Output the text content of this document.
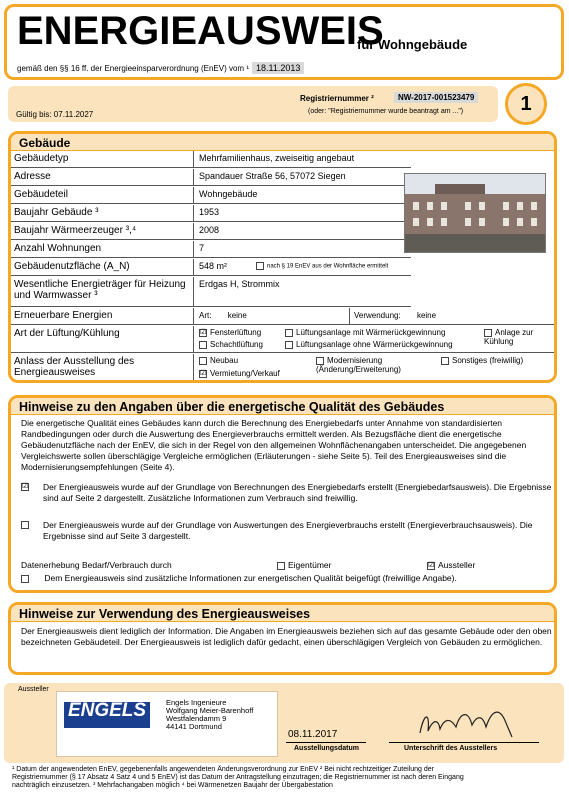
ENERGIEAUSWEIS
für Wohngebäude
gemäß den §§ 16 ff. der Energieeinsparverordnung (EnEV) vom ¹ 18.11.2013
Gültig bis: 07.11.2027
Registriernummer ²	NW-2017-001523479
(oder: "Registriernummer wurde beantragt am ...")	1
Gebäude
Gebäudetyp	Mehrfamilienhaus, zweiseitig angebaut
Adresse	Spandauer Straße 56, 57072 Siegen
Gebäudeteil	Wohngebäude
Baujahr Gebäude ³	1953
Baujahr Wärmeerzeuger ³,⁴	2008
Anzahl Wohnungen	7
Gebäudenutzfläche (A_N)	548 m²	nach § 19 EnEV aus der Wohnfläche ermittelt
Wesentliche Energieträger für Heizung und Warmwasser ³
Erdgas H, Strommix
Erneuerbare Energien	Art: keine	Verwendung: keine
Art der Lüftung/Kühlung	☑ Fensterlüftung	Lüftungsanlage mit Wärmerückgewinnung	Anlage zur Kühlung
Schachtlüftung	Lüftungsanlage ohne Wärmerückgewinnung
Anlass der Ausstellung des Energieausweises
Neubau	Modernisierung (Änderung/Erweiterung)
Sonstiges (freiwillig)
☑ Vermietung/Verkauf
Hinweise zu den Angaben über die energetische Qualität des Gebäudes
Die energetische Qualität eines Gebäudes kann durch die Berechnung des Energiebedarfs unter Annahme von standardisierten Randbedingungen oder durch die Auswertung des Energieverbrauchs ermittelt werden. Als Bezugsfläche dient die energetische Gebäudenutzfläche nach der EnEV, die sich in der Regel von den allgemeinen Wohnflächenangaben unterscheidet. Die angegebenen Vergleichswerte sollen überschlägige Vergleiche ermöglichen (Erläuterungen - siehe Seite 5). Teil des Energieausweises sind die Modernisierungsempfehlungen (Seite 4).
☑ Der Energieausweis wurde auf der Grundlage von Berechnungen des Energiebedarfs erstellt (Energiebedarfsausweis). Die Ergebnisse sind auf Seite 2 dargestellt. Zusätzliche Informationen zum Verbrauch sind freiwillig.
Der Energieausweis wurde auf der Grundlage von Auswertungen des Energieverbrauchs erstellt (Energieverbrauchsausweis). Die Ergebnisse sind auf Seite 3 dargestellt.
Datenerhebung Bedarf/Verbrauch durch	Eigentümer	☑ Aussteller
Dem Energieausweis sind zusätzliche Informationen zur energetischen Qualität beigefügt (freiwillige Angabe).
Hinweise zur Verwendung des Energieausweises
Der Energieausweis dient lediglich der Information. Die Angaben im Energieausweis beziehen sich auf das gesamte Gebäude oder den oben bezeichneten Gebäudeteil. Der Energieausweis ist lediglich dafür gedacht, einen überschlägigen Vergleich von Gebäuden zu ermöglichen.
Aussteller
Engels Ingenieure
Wolfgang Meier-Barenhoff
Westfalendamm 9
44141 Dortmund
08.11.2017
Ausstellungsdatum	Unterschrift des Ausstellers
ENGELS
INGENIEURE
¹ Datum der angewendeten EnEV, gegebenenfalls angewendeten Änderungsverordnung zur EnEV ² Bei nicht rechtzeitiger Zuteilung der
Registriernummer (§ 17 Absatz 4 Satz 4 und 5 EnEV) ist das Datum der Antragstellung einzutragen; die Registriernummer ist nach deren Eingang
nachträglich einzusetzen. ³ Mehrfachangaben möglich ⁴ bei Wärmenetzen Baujahr der Übergabestation
